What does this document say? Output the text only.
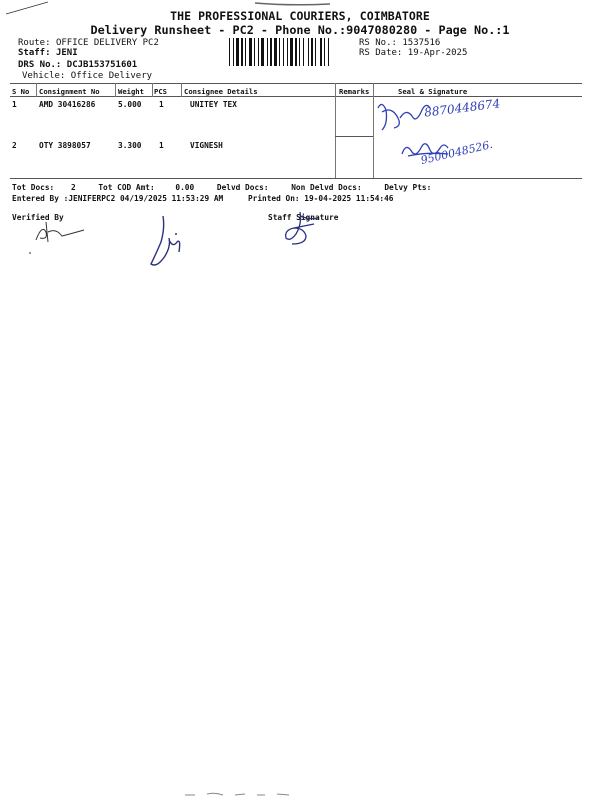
THE PROFESSIONAL COURIERS, COIMBATORE
Delivery Runsheet - PC2 - Phone No.:9047080280 - Page No.:1
Route: OFFICE DELIVERY PC2
Staff: JENI
DRS No.: DCJB153751601
Vehicle: Office Delivery
RS No.: 1537516
RS Date: 19-Apr-2025
S No Consignment No	Weight PCS Consignee Details	Remarks	Seal & Signature
1	AMD 30416286	5.000 1	UNITEY TEX
2	OTY 3898057	3.300 1	VIGNESH
8870448674
9500048526.
Tot Docs: 2	Tot COD Amt:	0.00	Delvd Docs:	Non Delvd Docs:	Delvy Pts:
Entered By :JENIFERPC2 04/19/2025 11:53:29 AM	Printed On: 19-04-2025 11:54:46
Verified By	Staff Signature
